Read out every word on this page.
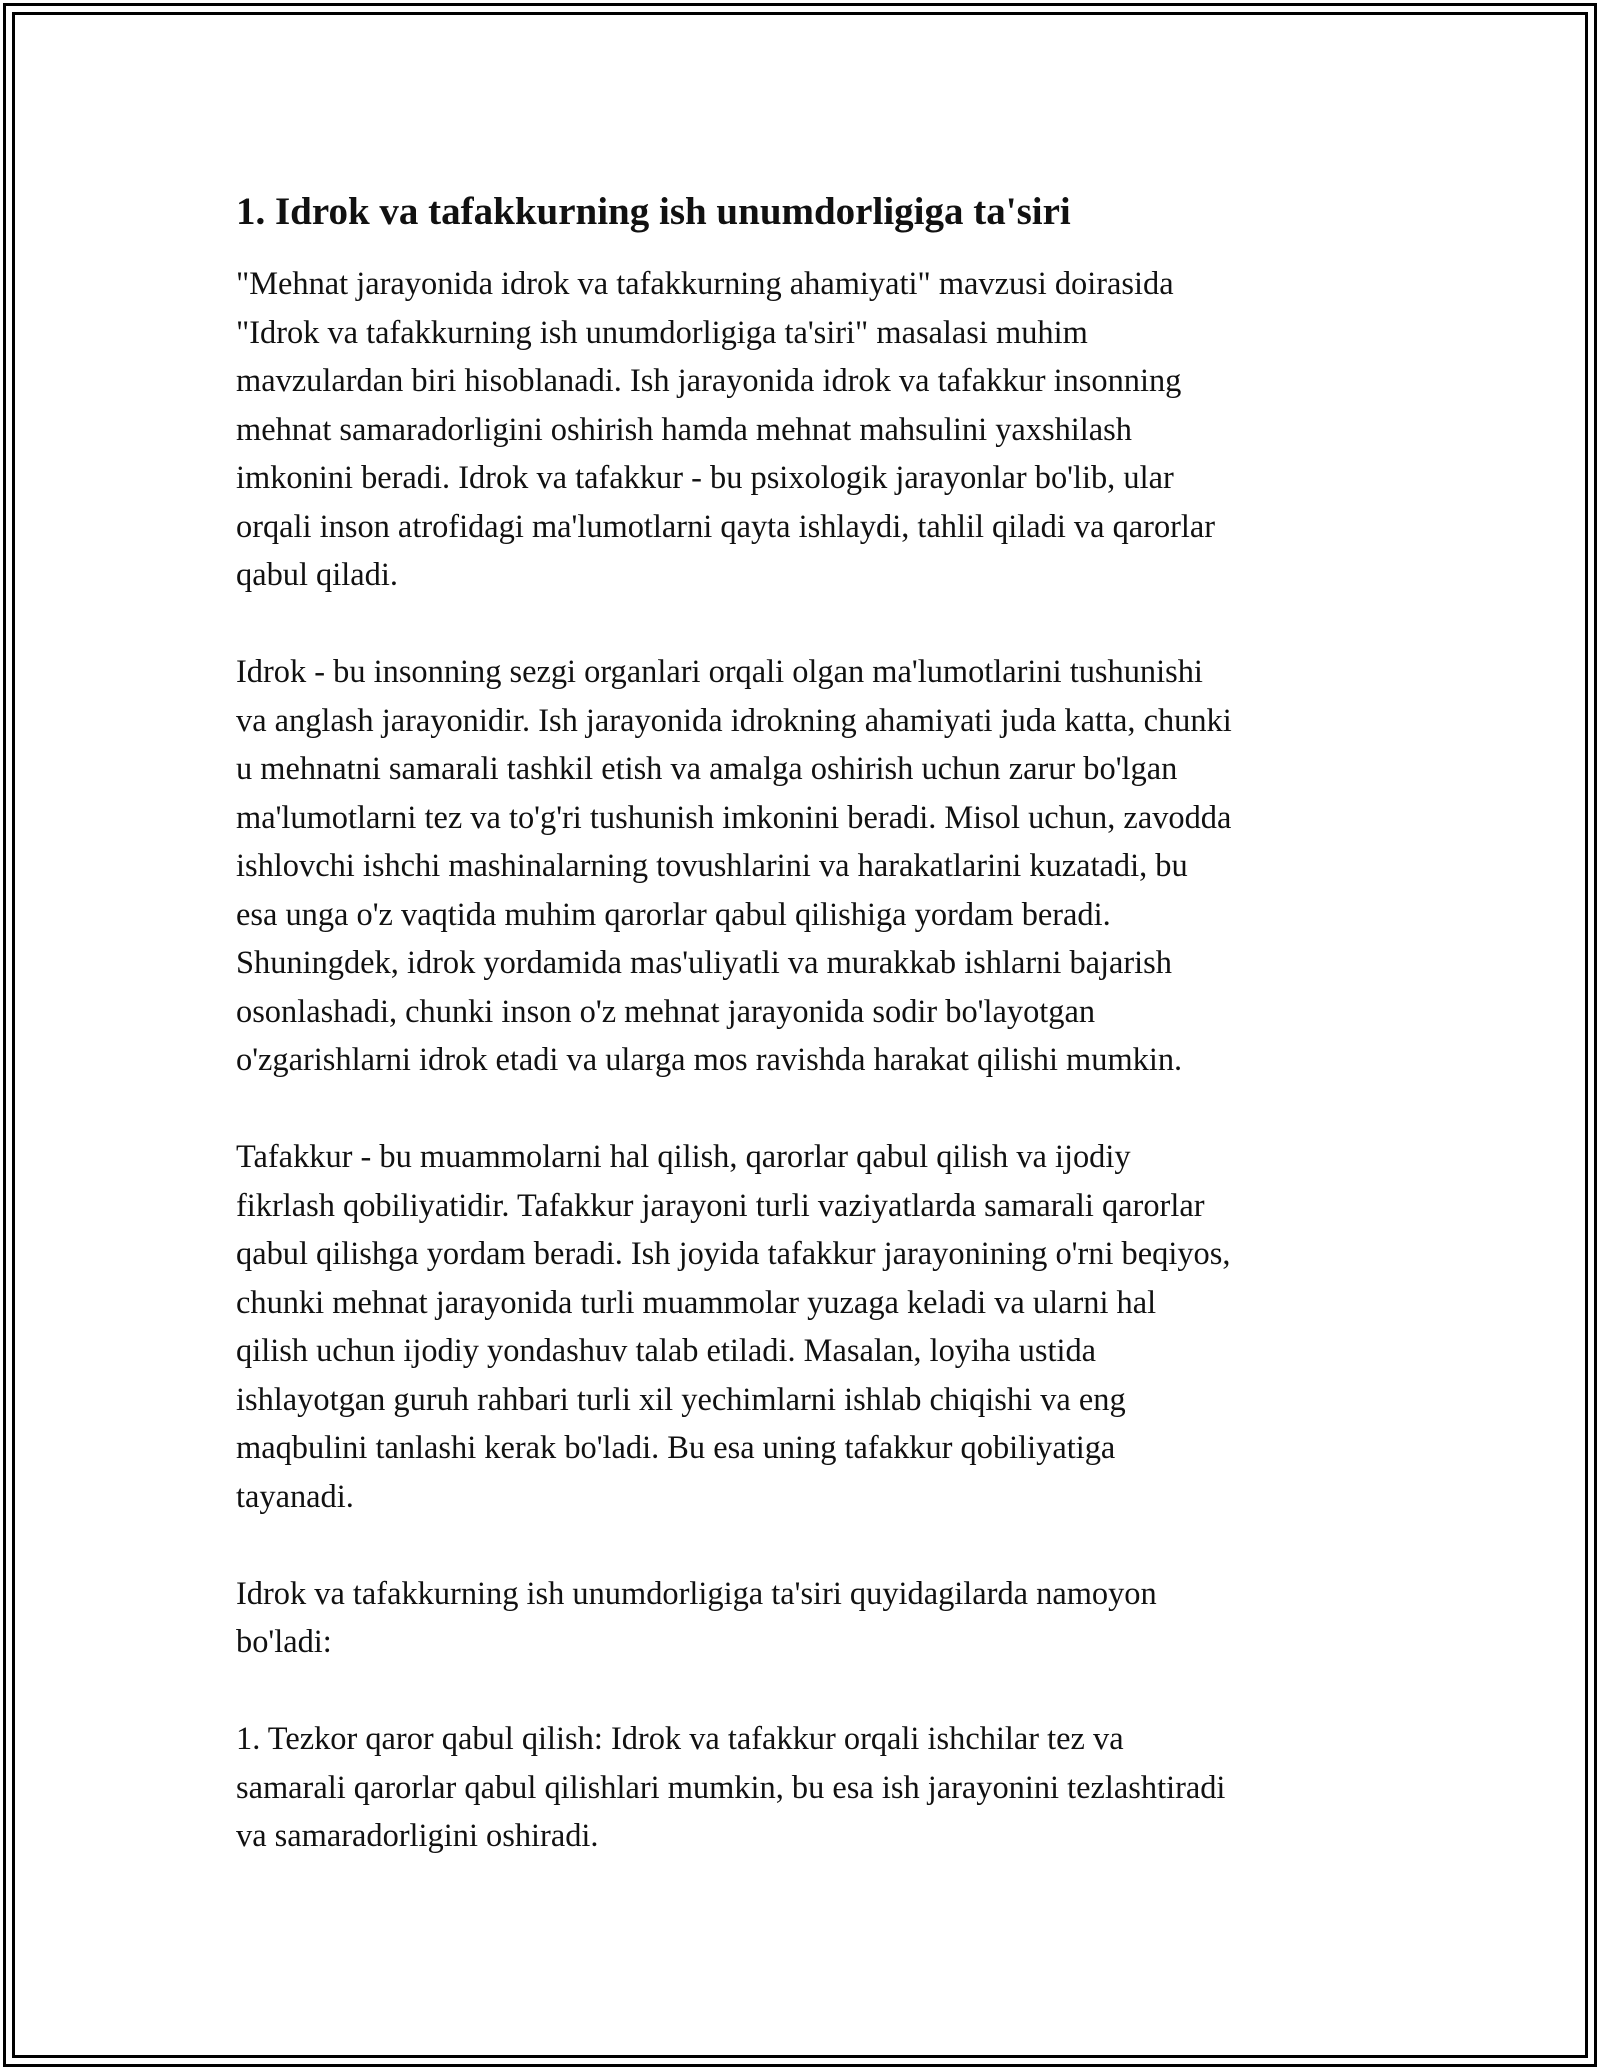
1. Idrok va tafakkurning ish unumdorligiga ta'siri
"Mehnat jarayonida idrok va tafakkurning ahamiyati" mavzusi doirasida
"Idrok va tafakkurning ish unumdorligiga ta'siri" masalasi muhim
mavzulardan biri hisoblanadi. Ish jarayonida idrok va tafakkur insonning
mehnat samaradorligini oshirish hamda mehnat mahsulini yaxshilash
imkonini beradi. Idrok va tafakkur - bu psixologik jarayonlar bo'lib, ular
orqali inson atrofidagi ma'lumotlarni qayta ishlaydi, tahlil qiladi va qarorlar
qabul qiladi.
Idrok - bu insonning sezgi organlari orqali olgan ma'lumotlarini tushunishi
va anglash jarayonidir. Ish jarayonida idrokning ahamiyati juda katta, chunki
u mehnatni samarali tashkil etish va amalga oshirish uchun zarur bo'lgan
ma'lumotlarni tez va to'g'ri tushunish imkonini beradi. Misol uchun, zavodda
ishlovchi ishchi mashinalarning tovushlarini va harakatlarini kuzatadi, bu
esa unga o'z vaqtida muhim qarorlar qabul qilishiga yordam beradi.
Shuningdek, idrok yordamida mas'uliyatli va murakkab ishlarni bajarish
osonlashadi, chunki inson o'z mehnat jarayonida sodir bo'layotgan
o'zgarishlarni idrok etadi va ularga mos ravishda harakat qilishi mumkin.
Tafakkur - bu muammolarni hal qilish, qarorlar qabul qilish va ijodiy
fikrlash qobiliyatidir. Tafakkur jarayoni turli vaziyatlarda samarali qarorlar
qabul qilishga yordam beradi. Ish joyida tafakkur jarayonining o'rni beqiyos,
chunki mehnat jarayonida turli muammolar yuzaga keladi va ularni hal
qilish uchun ijodiy yondashuv talab etiladi. Masalan, loyiha ustida
ishlayotgan guruh rahbari turli xil yechimlarni ishlab chiqishi va eng
maqbulini tanlashi kerak bo'ladi. Bu esa uning tafakkur qobiliyatiga
tayanadi.
Idrok va tafakkurning ish unumdorligiga ta'siri quyidagilarda namoyon
bo'ladi:
1. Tezkor qaror qabul qilish: Idrok va tafakkur orqali ishchilar tez va
samarali qarorlar qabul qilishlari mumkin, bu esa ish jarayonini tezlashtiradi
va samaradorligini oshiradi.
